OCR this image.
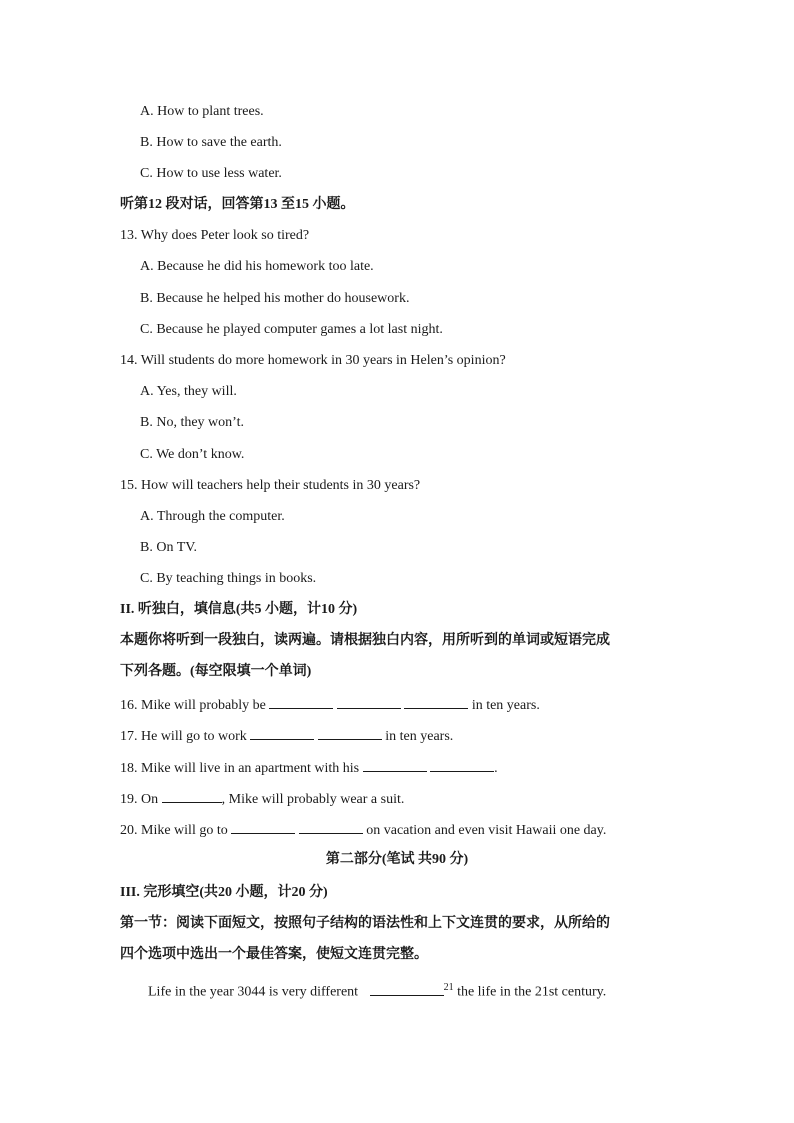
A. How to plant trees.
B. How to save the earth.
C. How to use less water.
听第12 段对话，回答第13 至15 小题。
13. Why does Peter look so tired?
A. Because he did his homework too late.
B. Because he helped his mother do housework.
C. Because he played computer games a lot last night.
14. Will students do more homework in 30 years in Helen’s opinion?
A. Yes, they will.
B. No, they won’t.
C. We don’t know.
15. How will teachers help their students in 30 years?
A. Through the computer.
B. On TV.
C. By teaching things in books.
II. 听独白，填信息(共5 小题，计10 分)
本题你将听到一段独白，读两遍。请根据独白内容，用所听到的单词或短语完成
下列各题。(每空限填一个单词)
16. Mike will probably be	in ten years.
17. He will go to work	in ten years.
18. Mike will live in an apartment with his	.
19. On	, Mike will probably wear a suit.
20. Mike will go to	on vacation and even visit Hawaii one day.
第二部分(笔试 共90 分)
III. 完形填空(共20 小题，计20 分)
第一节：阅读下面短文，按照句子结构的语法性和上下文连贯的要求，从所给的
四个选项中选出一个最佳答案，使短文连贯完整。
Life in the year 3044 is very different	$^{21}$ the life in the 21st century.
